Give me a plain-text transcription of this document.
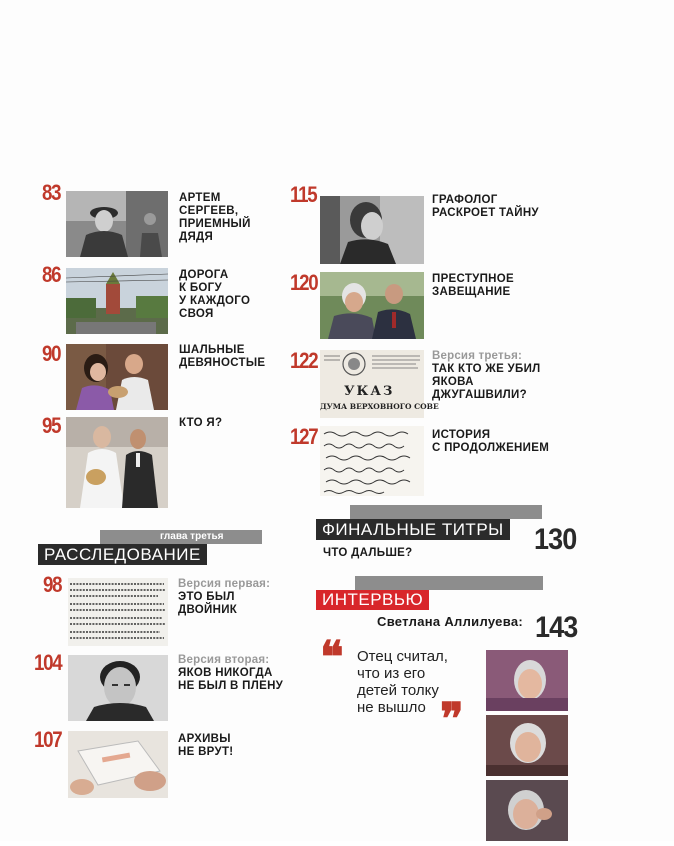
83	АРТЕМ
СЕРГЕЕВ,
ПРИЕМНЫЙ
ДЯДЯ
86	ДОРОГА
К БОГУ
У КАЖДОГО
СВОЯ
90	ШАЛЬНЫЕ
ДЕВЯНОСТЫЕ
95	КТО Я?
115	ГРАФОЛОГ
РАСКРОЕТ ТАЙНУ
120	ПРЕСТУПНОЕ
ЗАВЕЩАНИЕ
122
УКАЗ
ДУМА ВЕРХОВНОГО СОВЕ
Версия третья:
ТАК КТО ЖЕ УБИЛ
ЯКОВА
ДЖУГАШВИЛИ?
127	ИСТОРИЯ
С ПРОДОЛЖЕНИЕМ
глава третья
РАССЛЕДОВАНИЕ
98	Версия первая:
ЭТО БЫЛ
ДВОЙНИК
104	Версия вторая:
ЯКОВ НИКОГДА
НЕ БЫЛ В ПЛЕНУ
107	АРХИВЫ
НЕ ВРУТ!
ФИНАЛЬНЫЕ ТИТРЫ 130
ЧТО ДАЛЬШЕ?
ИНТЕРВЬЮ
Светлана Аллилуева: 143
❝ Отец считал,
что из его
детей толку
не вышло ❞
